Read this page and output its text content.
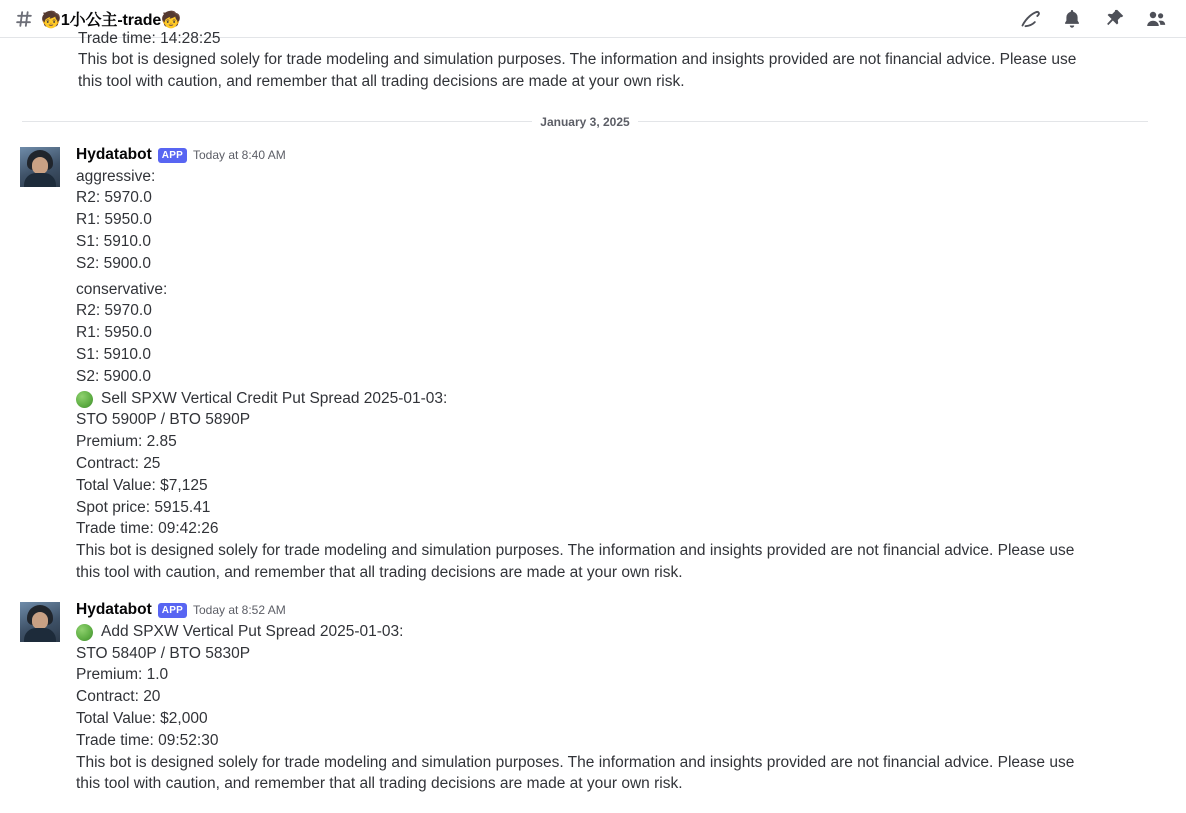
🧒1小公主-trade🧒
Trade time: 14:28:25
This bot is designed solely for trade modeling and simulation purposes. The information and insights provided are not financial advice. Please use this tool with caution, and remember that all trading decisions are made at your own risk.
January 3, 2025
Hydatabot	APP Today at 8:40 AM
aggressive:
R2: 5970.0
R1: 5950.0
S1: 5910.0
S2: 5900.0
conservative:
R2: 5970.0
R1: 5950.0
S1: 5910.0
S2: 5900.0
Sell SPXW Vertical Credit Put Spread 2025-01-03:
STO 5900P / BTO 5890P
Premium: 2.85
Contract: 25
Total Value: $7,125
Spot price: 5915.41
Trade time: 09:42:26
This bot is designed solely for trade modeling and simulation purposes. The information and insights provided are not financial advice. Please use this tool with caution, and remember that all trading decisions are made at your own risk.
Hydatabot	APP Today at 8:52 AM
Add SPXW Vertical Put Spread 2025-01-03:
STO 5840P / BTO 5830P
Premium: 1.0
Contract: 20
Total Value: $2,000
Trade time: 09:52:30
This bot is designed solely for trade modeling and simulation purposes. The information and insights provided are not financial advice. Please use this tool with caution, and remember that all trading decisions are made at your own risk.
